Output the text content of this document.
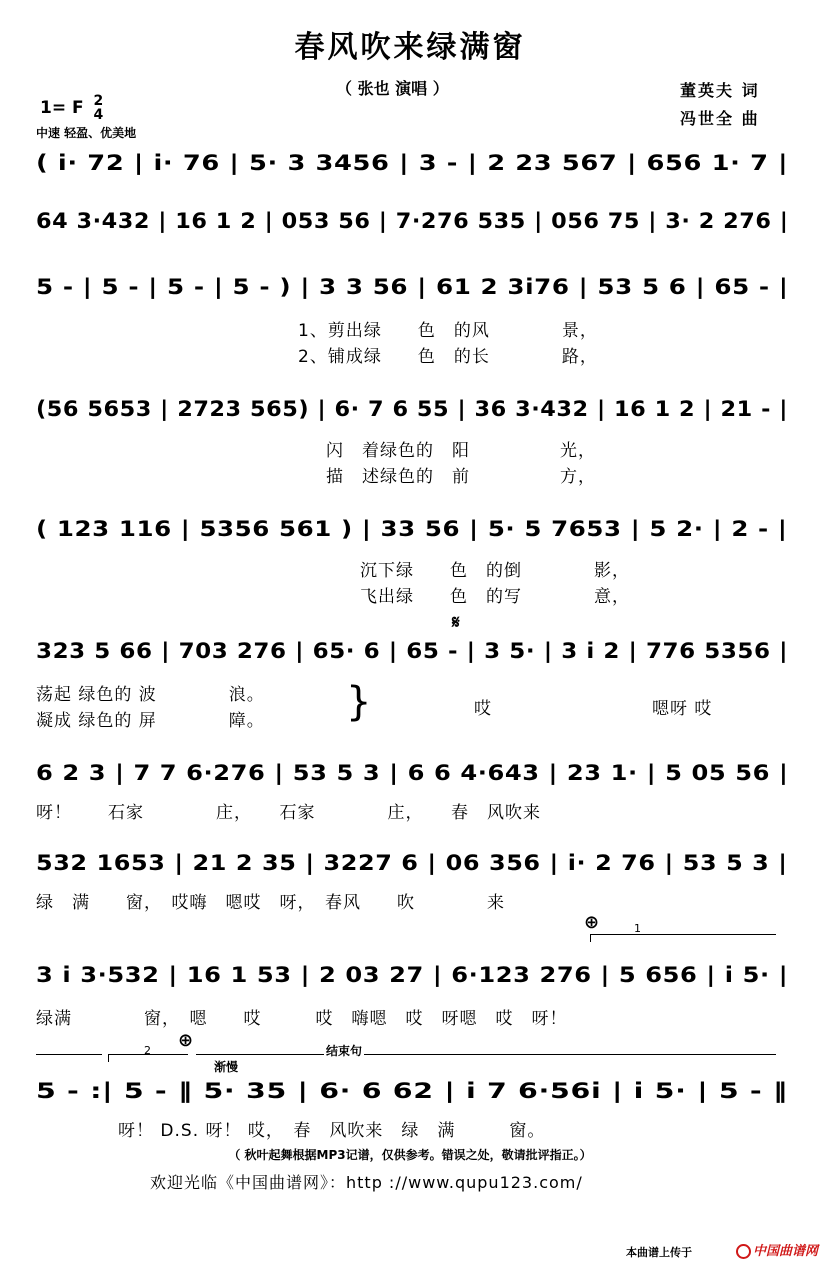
春风吹来绿满窗
（ 张也 演唱 ）	董英夫 词
冯世全 曲
1= F 2
4
中速 轻盈、优美地
( i· 72 | i· 76 | 5· 3 3456 | 3 - | 2 23 567 | 656 1· 7 |
64 3·432 | 16 1 2 | 053 56 | 7·276 535 | 056 75 | 3· 2 276 |
5 - | 5 - | 5 - | 5 - ) | 3 3 56 | 61 2 3i76 | 53 5 6 | 65 - |
1、剪出绿　　色　的风　　　　景，
2、铺成绿　　色　的长　　　　路，
(56 5653 | 2723 565) | 6· 7 6 55 | 36 3·432 | 16 1 2 | 21 - |
闪　着绿色的　阳　　　　　光，
描　述绿色的　前　　　　　方，
( 123 116 | 5356 561 ) | 33 56 | 5· 5 7653 | 5 2· | 2 - |
沉下绿　　色　的倒　　　　影，
飞出绿　　色　的写　　　　意，
𝄋
323 5 66 | 703 276 | 65· 6 | 65 - | 3 5· | 3 i 2 | 776 5356 |
荡起 绿色的 波　　　　浪。
凝成 绿色的 屏　　　　障。 }	哎	嗯呀 哎
6 2 3 | 7 7 6·276 | 53 5 3 | 6 6 4·643 | 23 1· | 5 05 56 |
呀！　　石家　　　　庄，　　石家　　　　庄，　　春　风吹来
532 1653 | 21 2 35 | 3227 6 | 06 356 | i· 2 76 | 53 5 3 |
绿　满　　窗，　哎嗨　嗯哎　呀，　春风　　吹　　　　来
⊕	1
3 i 3·532 | 16 1 53 | 2 03 27 | 6·123 276 | 5 656 | i 5· |
绿满　　　　窗，　嗯　　哎　　　哎　嗨嗯　哎　呀嗯　哎　呀！
2 ⊕
渐慢
结束句
5 - :| 5 - ‖ 5· 35 | 6· 6 62 | i 7 6·56i | i 5· | 5 - ‖
呀！ D.S. 呀！ 哎，　春　风吹来　绿　满　　　窗。
（ 秋叶起舞根据MP3记谱，仅供参考。错误之处，敬请批评指正。）
欢迎光临《中国曲谱网》：http ://www.qupu123.com/
本曲谱上传于	中国曲谱网
